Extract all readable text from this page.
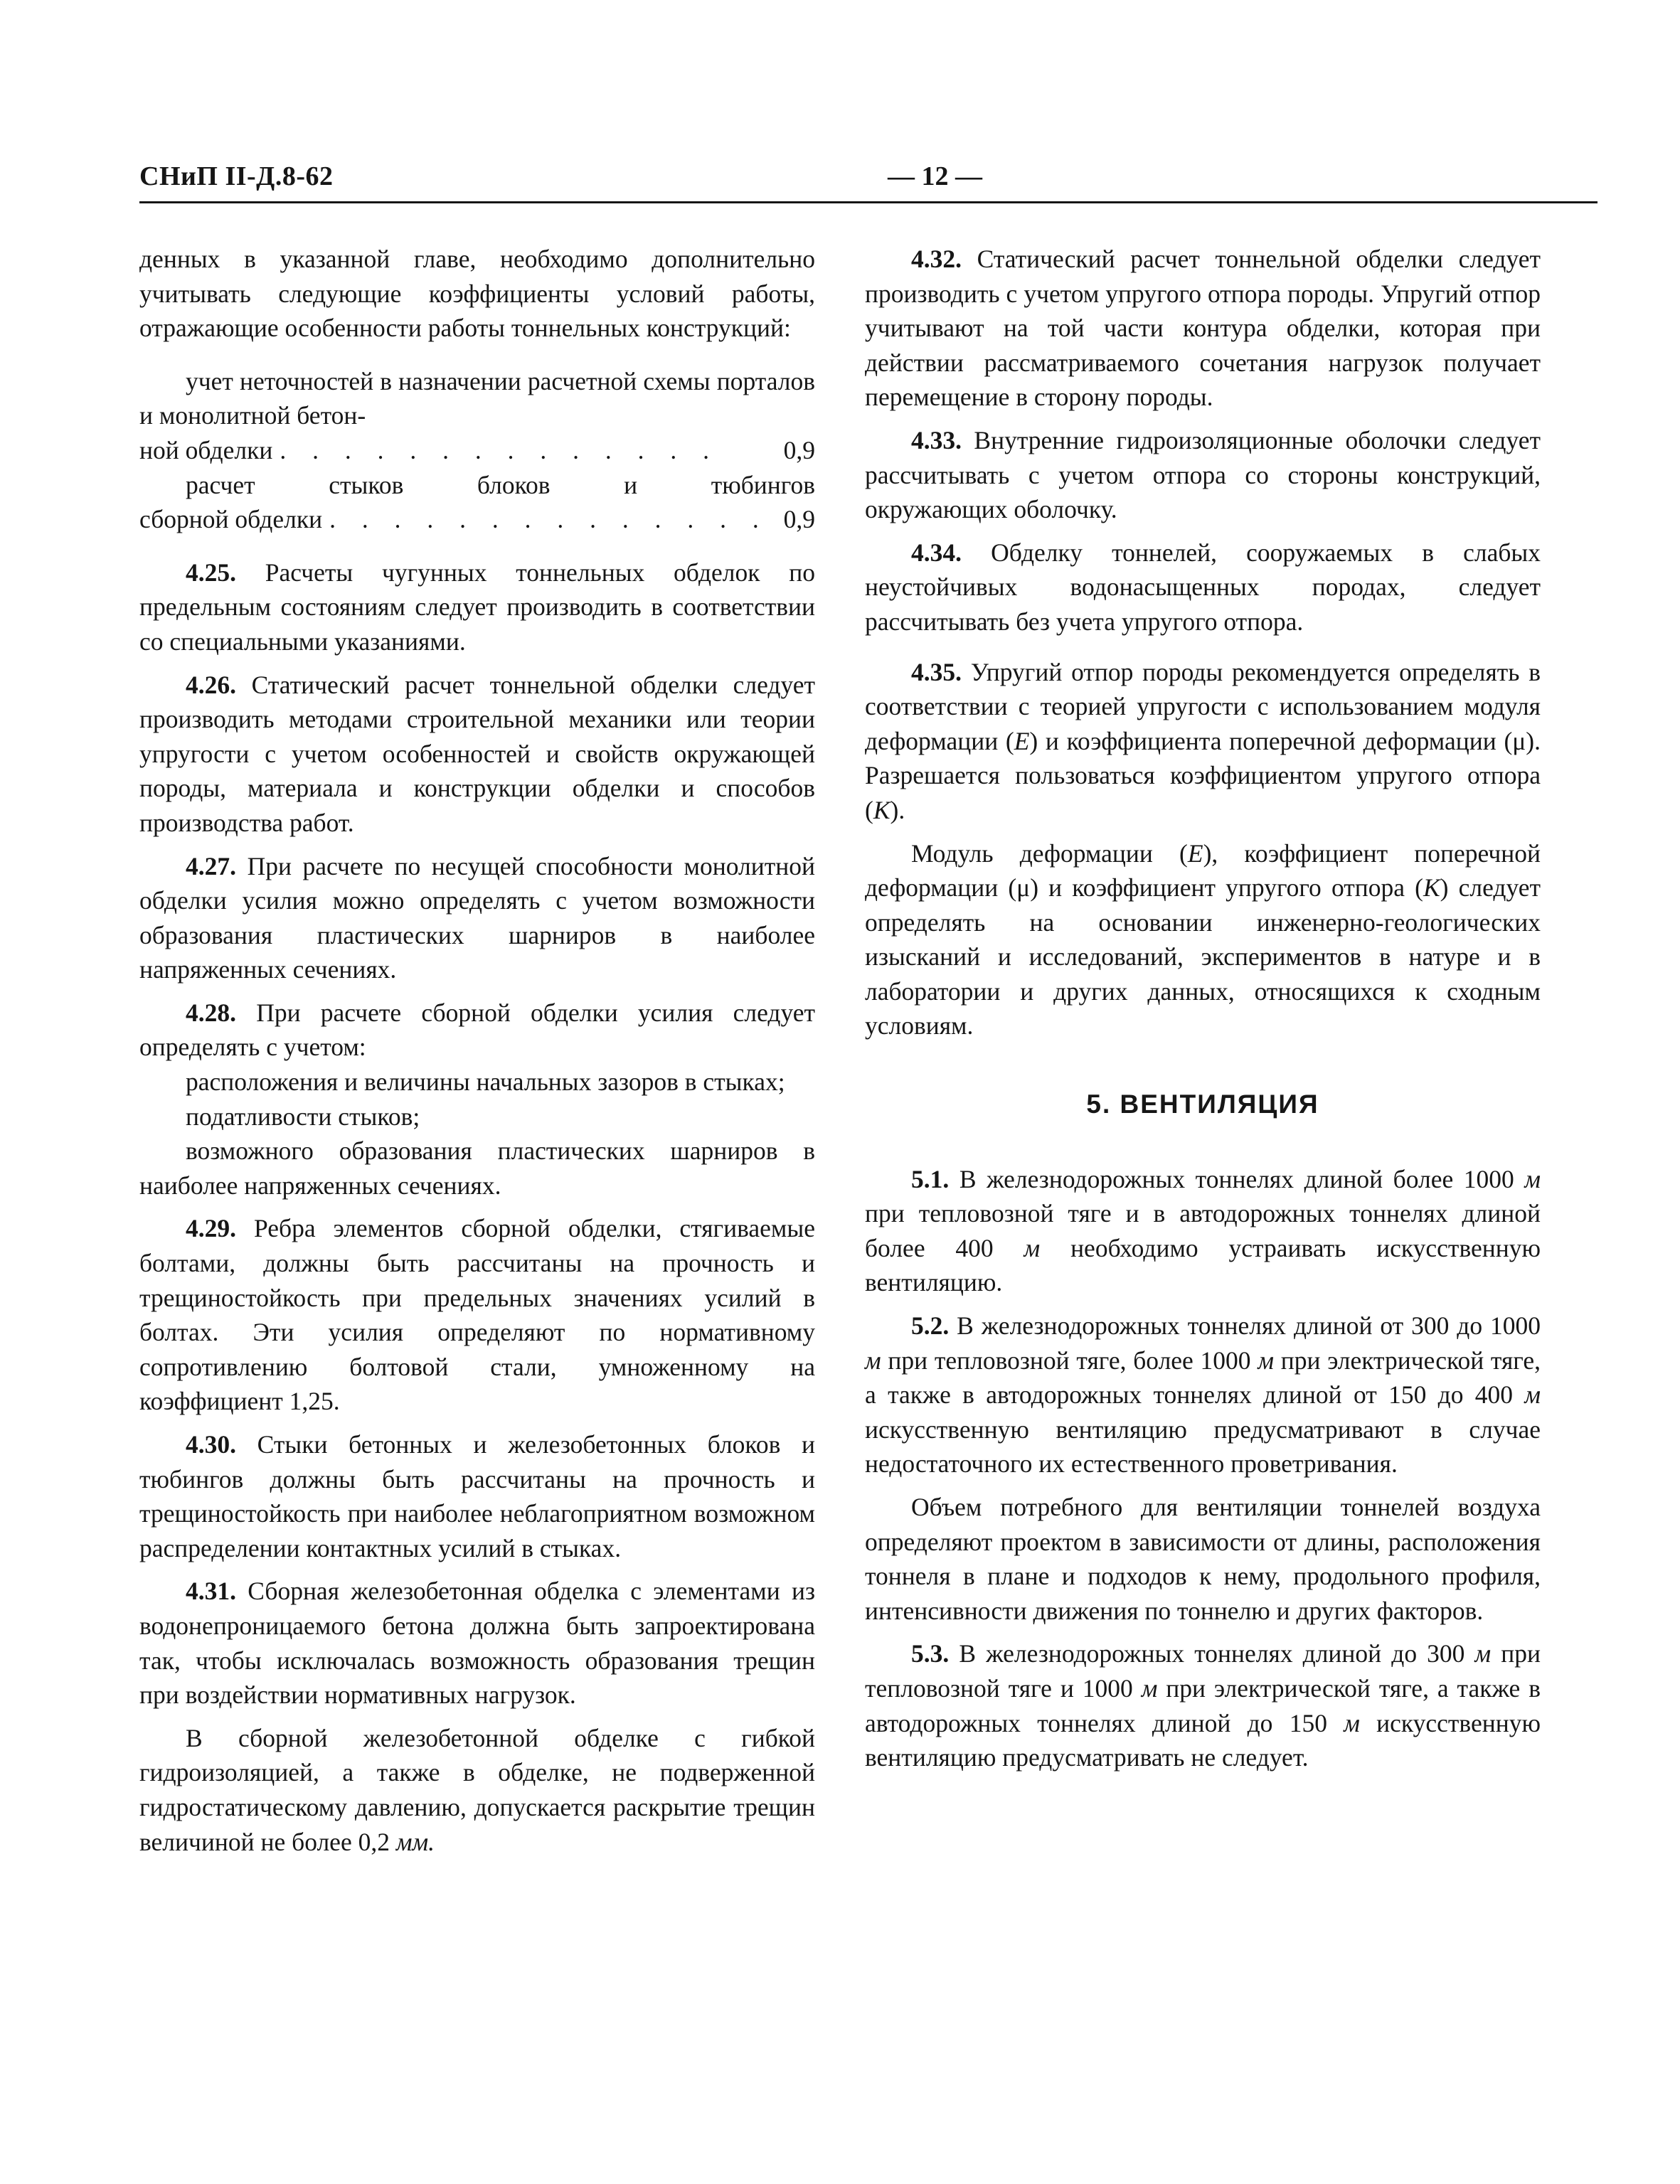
СНиП II-Д.8-62	— 12 —

денных в указанной главе, необходимо дополнительно учитывать следующие коэффициенты условий работы, отражающие особенности работы тоннельных конструкций:

учет неточностей в назначении расчетной схемы порталов и монолитной бетон-

ной обделки . . . . . . . . . . . . . .	0,9

расчет стыков блоков и тюбингов

сборной обделки . . . . . . . . . . . . . . 0,9

4.25. Расчеты чугунных тоннельных обделок по предельным состояниям следует производить в соответствии со специальными указаниями.

4.26. Статический расчет тоннельной обделки следует производить методами строительной механики или теории упругости с учетом особенностей и свойств окружающей породы, материала и конструкции обделки и способов производства работ.

4.27. При расчете по несущей способности монолитной обделки усилия можно определять с учетом возможности образования пластических шарниров в наиболее напряженных сечениях.

4.28. При расчете сборной обделки усилия следует определять с учетом:

расположения и величины начальных зазоров в стыках;

податливости стыков;

возможного образования пластических шарниров в наиболее напряженных сечениях.

4.29. Ребра элементов сборной обделки, стягиваемые болтами, должны быть рассчитаны на прочность и трещиностойкость при предельных значениях усилий в болтах. Эти усилия определяют по нормативному сопротивлению болтовой стали, умноженному на коэффициент 1,25.

4.30. Стыки бетонных и железобетонных блоков и тюбингов должны быть рассчитаны на прочность и трещиностойкость при наиболее неблагоприятном возможном распределении контактных усилий в стыках.

4.31. Сборная железобетонная обделка с элементами из водонепроницаемого бетона должна быть запроектирована так, чтобы исключалась возможность образования трещин при воздействии нормативных нагрузок.

В сборной железобетонной обделке с гибкой гидроизоляцией, а также в обделке, не подверженной гидростатическому давлению, допускается раскрытие трещин величиной не более 0,2 мм.

4.32. Статический расчет тоннельной обделки следует производить с учетом упругого отпора породы. Упругий отпор учитывают на той части контура обделки, которая при действии рассматриваемого сочетания нагрузок получает перемещение в сторону породы.

4.33. Внутренние гидроизоляционные оболочки следует рассчитывать с учетом отпора со стороны конструкций, окружающих оболочку.

4.34. Обделку тоннелей, сооружаемых в слабых неустойчивых водонасыщенных породах, следует рассчитывать без учета упругого отпора.

4.35. Упругий отпор породы рекомендуется определять в соответствии с теорией упругости с использованием модуля деформации (E) и коэффициента поперечной деформации (μ). Разрешается пользоваться коэффициентом упругого отпора (K).

Модуль деформации (E), коэффициент поперечной деформации (μ) и коэффициент упругого отпора (K) следует определять на основании инженерно-геологических изысканий и исследований, экспериментов в натуре и в лаборатории и других данных, относящихся к сходным условиям.

5. ВЕНТИЛЯЦИЯ

5.1. В железнодорожных тоннелях длиной более 1000 м при тепловозной тяге и в автодорожных тоннелях длиной более 400 м необходимо устраивать искусственную вентиляцию.

5.2. В железнодорожных тоннелях длиной от 300 до 1000 м при тепловозной тяге, более 1000 м при электрической тяге, а также в автодорожных тоннелях длиной от 150 до 400 м искусственную вентиляцию предусматривают в случае недостаточного их естественного проветривания.

Объем потребного для вентиляции тоннелей воздуха определяют проектом в зависимости от длины, расположения тоннеля в плане и подходов к нему, продольного профиля, интенсивности движения по тоннелю и других факторов.

5.3. В железнодорожных тоннелях длиной до 300 м при тепловозной тяге и 1000 м при электрической тяге, а также в автодорожных тоннелях длиной до 150 м искусственную вентиляцию предусматривать не следует.
